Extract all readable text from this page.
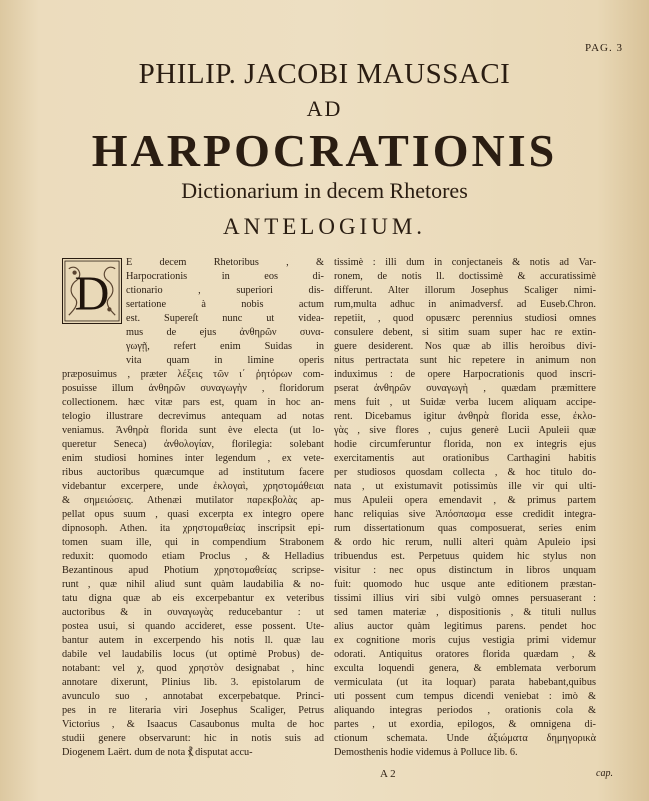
PAG. 3
PHILIP. JACOBI MAUSSACI
AD
HARPOCRATIONIS
Dictionarium in decem Rhetores
ANTELOGIUM.
D
E decem Rhetoribus , &
Harpocrationis in eos di-
ctionario , superiori dis-
sertatione à nobis actum
est. Supereſt nunc ut videa-
mus de ejus ἀνθηρῶν συνα-
γωγῇ, refert enim Suidas in
vita quam in limine operis
præposuimus , præter λέξεις τῶν ι΄ ῥητόρων com-
posuisse illum ἀνθηρῶν συναγωγὴν , floridorum
collectionem. hæc vitæ pars est, quam in hoc an-
telogio illustrare decrevimus antequam ad notas
veniamus. Ἀνθηρὰ florida sunt ève electa (ut lo-
queretur Seneca) ἀνθολογίαν, florilegia: solebant
enim studiosi homines inter legendum , ex vete-
ribus auctoribus quæcumque ad institutum facere
videbantur excerpere, unde ἐκλογαὶ, χρηστομάθειαι
& σημειώσεις. Athenæi mutilator παρεκβολὰς ap-
pellat opus suum , quasi excerpta ex integro opere
dipnosoph. Athen. ita χρηστομαθείας inscripsit epi-
tomen suam ille, qui in compendium Strabonem
reduxit: quomodo etiam Proclus , & Helladius
Bezantinous apud Photium χρηστομαθείας scripse-
runt , quæ nihil aliud sunt quàm laudabilia & no-
tatu digna quæ ab eis excerpebantur ex veteribus
auctoribus & in συναγωγὰς reducebantur : ut
postea usui, si quando accideret, esse possent. Ute-
bantur autem in excerpendo his notis ll. quæ lau
dabile vel laudabilis locus (ut optimè Probus) de-
notabant: vel χ, quod χρηστὸν designabat , hinc
annotare dixerunt, Plinius lib. 3. epistolarum de
avunculo suo , annotabat excerpebatque. Princi-
pes in re literaria viri Josephus Scaliger, Petrus
Victorius , & Isaacus Casaubonus multa de hoc
studii genere observarunt: hic in notis suis ad
Diogenem Laërt. dum de nota ⳩ disputat accu-
tissimè : illi dum in conjectaneis & notis ad Var-
ronem, de notis ll. doctissimè & accuratissimè
differunt. Alter illorum Josephus Scaliger nimi-
rum,multa adhuc in animadversf. ad Euseb.Chron.
repetiit, , quod opusærc perennius studiosi omnes
consulere debent, si sitim suam super hac re extin-
guere desiderent. Nos quæ ab illis heroibus divi-
nitus pertractata sunt hic repetere in animum non
induximus : de opere Harpocrationis quod inscri-
pserat ἀνθηρῶν συναγωγὴ , quædam præmittere
mens fuit , ut Suidæ verba lucem aliquam accipe-
rent. Dicebamus igitur ἀνθηρὰ florida esse, ἐκλο-
γὰς , sive flores , cujus generè Lucii Apuleii quæ
hodie circumferuntur florida, non ex integris ejus
exercitamentis aut orationibus Carthagini habitis
per studiosos quosdam collecta , & hoc titulo do-
nata , ut existumavit potissimùs ille vir qui ulti-
mus Apuleii opera emendavit , & primus partem
hanc reliquias sive Ἀπόσπασμα esse credidit integra-
rum dissertationum quas composuerat, series enim
& ordo hic rerum, nulli alteri quàm Apuleio ipsi
tribuendus est. Perpetuus quidem hic stylus non
visitur : nec opus distinctum in libros unquam
fuit: quomodo huc usque ante editionem præstan-
tissimi illius viri sibi vulgò omnes persuaserant :
sed tamen materiæ , dispositionis , & tituli nullus
alius auctor quàm legitimus parens. pendet hoc
ex cognitione moris cujus vestigia primi videmur
odorati. Antiquitus oratores florida quædam , &
exculta loquendi genera, & emblemata verborum
vermiculata (ut ita loquar) parata habebant,quibus
uti possent cum tempus dicendi veniebat : imò &
aliquando integras periodos , orationis cola &
partes , ut exordia, epilogos, & omnigena di-
ctionum schemata. Unde ἀξιώματα δημηγορικὰ
Demosthenis hodie videmus à Polluce lib. 6.
A 2	cap.
